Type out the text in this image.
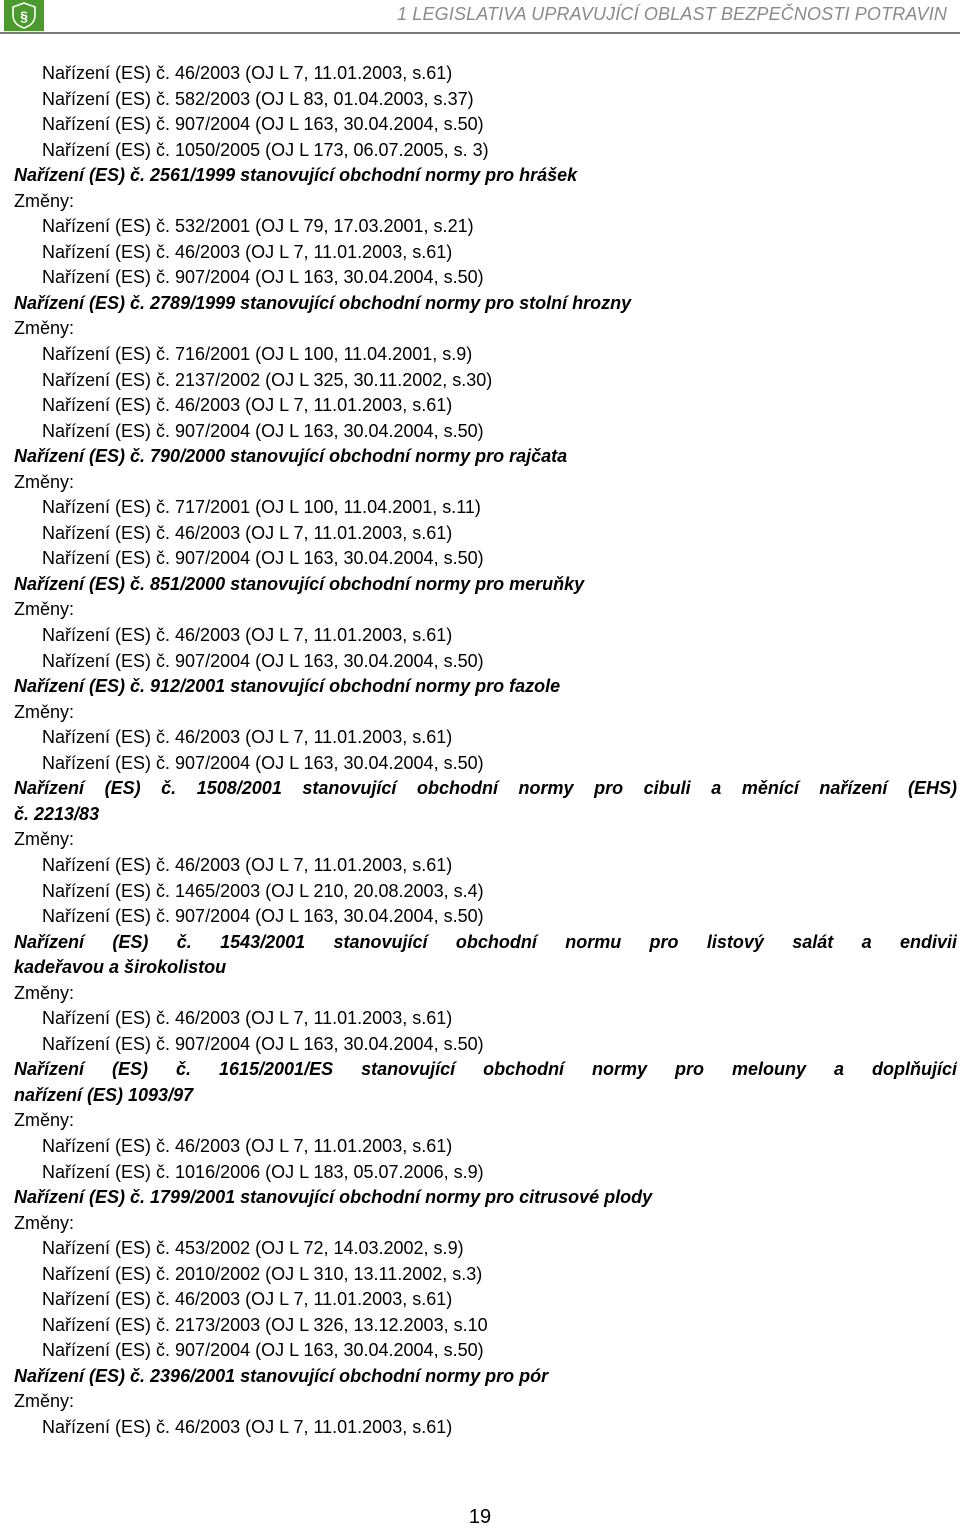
§	1 LEGISLATIVA UPRAVUJÍCÍ OBLAST BEZPEČNOSTI POTRAVIN
Nařízení (ES) č. 46/2003 (OJ L 7, 11.01.2003, s.61)
Nařízení (ES) č. 582/2003 (OJ L 83, 01.04.2003, s.37)
Nařízení (ES) č. 907/2004 (OJ L 163, 30.04.2004, s.50)
Nařízení (ES) č. 1050/2005 (OJ L 173, 06.07.2005, s. 3)
Nařízení (ES) č. 2561/1999 stanovující obchodní normy pro hrášek
Změny:
Nařízení (ES) č. 532/2001 (OJ L 79, 17.03.2001, s.21)
Nařízení (ES) č. 46/2003 (OJ L 7, 11.01.2003, s.61)
Nařízení (ES) č. 907/2004 (OJ L 163, 30.04.2004, s.50)
Nařízení (ES) č. 2789/1999 stanovující obchodní normy pro stolní hrozny
Změny:
Nařízení (ES) č. 716/2001 (OJ L 100, 11.04.2001, s.9)
Nařízení (ES) č. 2137/2002 (OJ L 325, 30.11.2002, s.30)
Nařízení (ES) č. 46/2003 (OJ L 7, 11.01.2003, s.61)
Nařízení (ES) č. 907/2004 (OJ L 163, 30.04.2004, s.50)
Nařízení (ES) č. 790/2000 stanovující obchodní normy pro rajčata
Změny:
Nařízení (ES) č. 717/2001 (OJ L 100, 11.04.2001, s.11)
Nařízení (ES) č. 46/2003 (OJ L 7, 11.01.2003, s.61)
Nařízení (ES) č. 907/2004 (OJ L 163, 30.04.2004, s.50)
Nařízení (ES) č. 851/2000 stanovující obchodní normy pro meruňky
Změny:
Nařízení (ES) č. 46/2003 (OJ L 7, 11.01.2003, s.61)
Nařízení (ES) č. 907/2004 (OJ L 163, 30.04.2004, s.50)
Nařízení (ES) č. 912/2001 stanovující obchodní normy pro fazole
Změny:
Nařízení (ES) č. 46/2003 (OJ L 7, 11.01.2003, s.61)
Nařízení (ES) č. 907/2004 (OJ L 163, 30.04.2004, s.50)
Nařízení (ES) č. 1508/2001 stanovující obchodní normy pro cibuli a měnící nařízení (EHS)
č. 2213/83
Změny:
Nařízení (ES) č. 46/2003 (OJ L 7, 11.01.2003, s.61)
Nařízení (ES) č. 1465/2003 (OJ L 210, 20.08.2003, s.4)
Nařízení (ES) č. 907/2004 (OJ L 163, 30.04.2004, s.50)
Nařízení (ES) č. 1543/2001 stanovující obchodní normu pro listový salát a endivii
kadeřavou a širokolistou
Změny:
Nařízení (ES) č. 46/2003 (OJ L 7, 11.01.2003, s.61)
Nařízení (ES) č. 907/2004 (OJ L 163, 30.04.2004, s.50)
Nařízení (ES) č. 1615/2001/ES stanovující obchodní normy pro melouny a doplňující
nařízení (ES) 1093/97
Změny:
Nařízení (ES) č. 46/2003 (OJ L 7, 11.01.2003, s.61)
Nařízení (ES) č. 1016/2006 (OJ L 183, 05.07.2006, s.9)
Nařízení (ES) č. 1799/2001 stanovující obchodní normy pro citrusové plody
Změny:
Nařízení (ES) č. 453/2002 (OJ L 72, 14.03.2002, s.9)
Nařízení (ES) č. 2010/2002 (OJ L 310, 13.11.2002, s.3)
Nařízení (ES) č. 46/2003 (OJ L 7, 11.01.2003, s.61)
Nařízení (ES) č. 2173/2003 (OJ L 326, 13.12.2003, s.10
Nařízení (ES) č. 907/2004 (OJ L 163, 30.04.2004, s.50)
Nařízení (ES) č. 2396/2001 stanovující obchodní normy pro pór
Změny:
Nařízení (ES) č. 46/2003 (OJ L 7, 11.01.2003, s.61)
19
